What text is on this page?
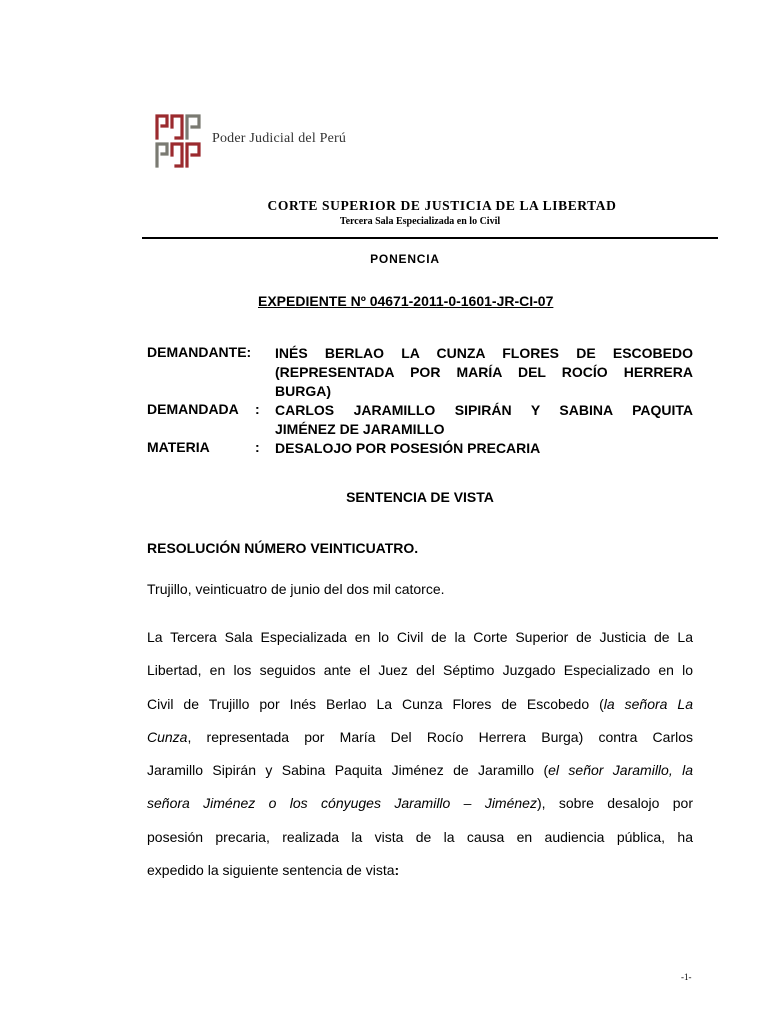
Poder Judicial del Perú
CORTE SUPERIOR DE JUSTICIA DE LA LIBERTAD
Tercera Sala Especializada en lo Civil
PONENCIA
EXPEDIENTE Nº 04671-2011-0-1601-JR-CI-07
DEMANDANTE: INÉS BERLAO LA CUNZA FLORES DE ESCOBEDO
(REPRESENTADA POR MARÍA DEL ROCÍO HERRERA
BURGA)
DEMANDADA : CARLOS JARAMILLO SIPIRÁN Y SABINA PAQUITA
JIMÉNEZ DE JARAMILLO
MATERIA	: DESALOJO POR POSESIÓN PRECARIA
SENTENCIA DE VISTA
RESOLUCIÓN NÚMERO VEINTICUATRO.
Trujillo, veinticuatro de junio del dos mil catorce.
La Tercera Sala Especializada en lo Civil de la Corte Superior de Justicia de La
Libertad, en los seguidos ante el Juez del Séptimo Juzgado Especializado en lo
Civil de Trujillo por Inés Berlao La Cunza Flores de Escobedo (la señora La
Cunza, representada por María Del Rocío Herrera Burga) contra Carlos
Jaramillo Sipirán y Sabina Paquita Jiménez de Jaramillo (el señor Jaramillo, la
señora Jiménez o los cónyuges Jaramillo – Jiménez), sobre desalojo por
posesión precaria, realizada la vista de la causa en audiencia pública, ha
expedido la siguiente sentencia de vista:
-1-
